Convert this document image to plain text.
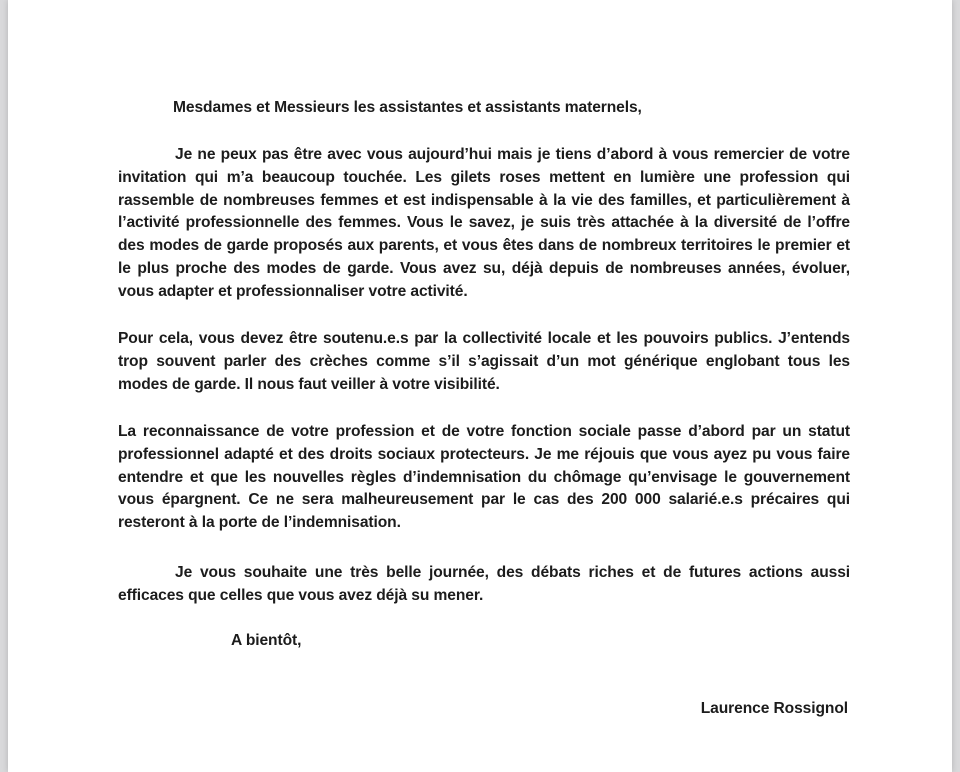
Mesdames et Messieurs les assistantes et assistants maternels,

Je ne peux pas être avec vous aujourd’hui mais je tiens d’abord à vous remercier de votre invitation qui m’a beaucoup touchée. Les gilets roses mettent en lumière une profession qui rassemble de nombreuses femmes et est indispensable à la vie des familles, et particulièrement à l’activité professionnelle des femmes. Vous le savez, je suis très attachée à la diversité de l’offre des modes de garde proposés aux parents, et vous êtes dans de nombreux territoires le premier et le plus proche des modes de garde. Vous avez su, déjà depuis de nombreuses années, évoluer, vous adapter et professionnaliser votre activité.

Pour cela, vous devez être soutenu.e.s par la collectivité locale et les pouvoirs publics. J’entends trop souvent parler des crèches comme s’il s’agissait d’un mot générique englobant tous les modes de garde. Il nous faut veiller à votre visibilité.

La reconnaissance de votre profession et de votre fonction sociale passe d’abord par un statut professionnel adapté et des droits sociaux protecteurs. Je me réjouis que vous ayez pu vous faire entendre et que les nouvelles règles d’indemnisation du chômage qu’envisage le gouvernement vous épargnent. Ce ne sera malheureusement par le cas des 200 000 salarié.e.s précaires qui resteront à la porte de l’indemnisation.

Je vous souhaite une très belle journée, des débats riches et de futures actions aussi efficaces que celles que vous avez déjà su mener.

A bientôt,

Laurence Rossignol
